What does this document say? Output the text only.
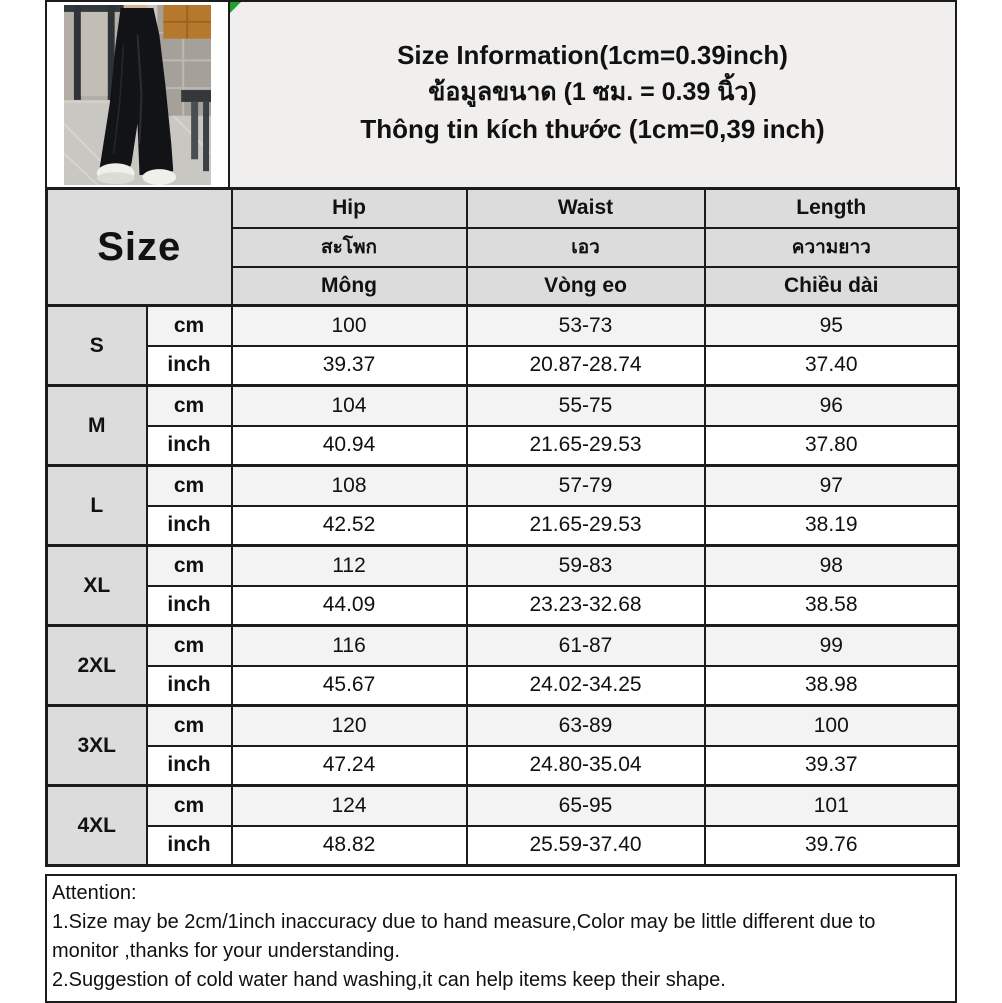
Size Information(1cm=0.39inch)
ข้อมูลขนาด (1 ซม. = 0.39 นิ้ว)
Thông tin kích thước (1cm=0,39 inch)
Size		Hip	Waist	Length
		สะโพก	เอว	ความยาว
		Mông	Vòng eo	Chiều dài
S	cm	100	53-73	95
	inch	39.37	20.87-28.74	37.40
M	cm	104	55-75	96
	inch	40.94	21.65-29.53	37.80
L	cm	108	57-79	97
	inch	42.52	21.65-29.53	38.19
XL	cm	112	59-83	98
	inch	44.09	23.23-32.68	38.58
2XL	cm	116	61-87	99
	inch	45.67	24.02-34.25	38.98
3XL	cm	120	63-89	100
	inch	47.24	24.80-35.04	39.37
4XL	cm	124	65-95	101
	inch	48.82	25.59-37.40	39.76
Attention:
1.Size may be 2cm/1inch inaccuracy due to hand measure,Color may be little different due to monitor ,thanks for your understanding.
2.Suggestion of cold water hand washing,it can help items keep their shape.
